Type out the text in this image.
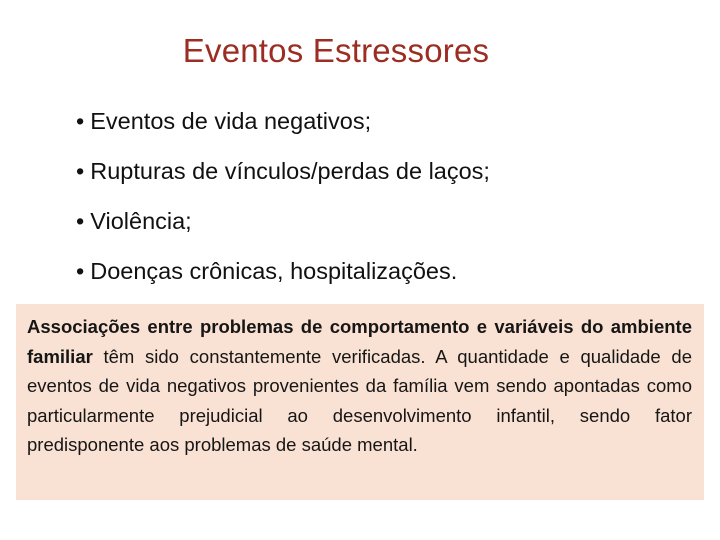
Eventos Estressores
• Eventos de vida negativos;
• Rupturas de vínculos/perdas de laços;
• Violência;
• Doenças crônicas, hospitalizações.

Associações entre problemas de comportamento e variáveis do ambiente familiar têm sido constantemente verificadas. A quantidade e qualidade de eventos de vida negativos provenientes da família vem sendo apontadas como particularmente prejudicial ao desenvolvimento infantil, sendo fator predisponente aos problemas de saúde mental.
